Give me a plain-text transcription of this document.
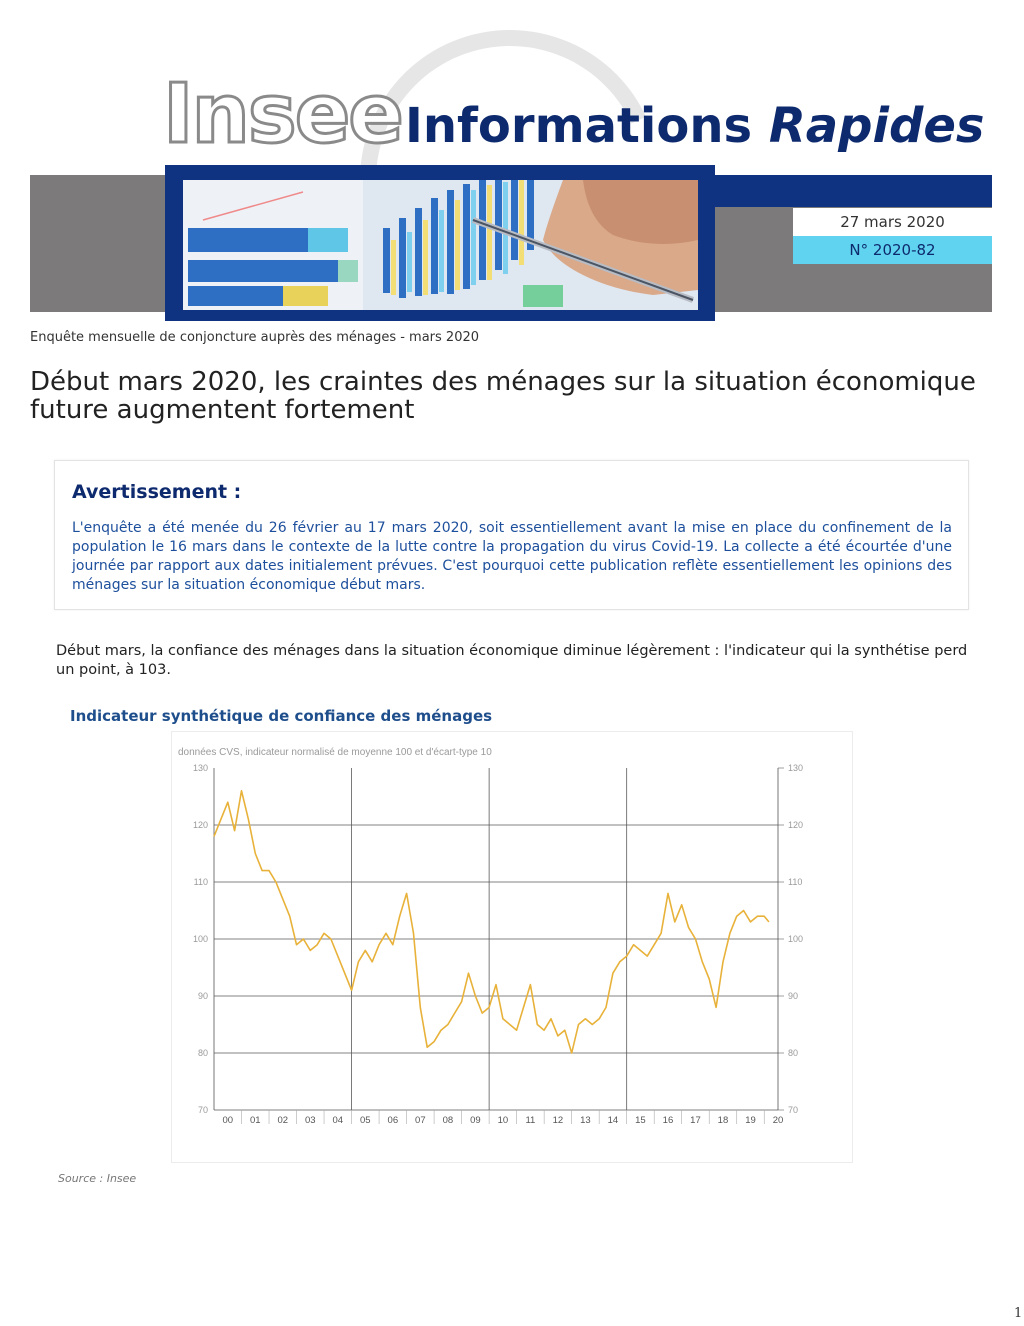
Insee Informations Rapides
27 mars 2020
N° 2020-82
Enquête mensuelle de conjoncture auprès des ménages - mars 2020
Début mars 2020, les craintes des ménages sur la situation économique future augmentent fortement
Avertissement :
L'enquête a été menée du 26 février au 17 mars 2020, soit essentiellement avant la mise en place du confinement de la population le 16 mars dans le contexte de la lutte contre la propagation du virus Covid-19. La collecte a été écourtée d'une journée par rapport aux dates initialement prévues. C'est pourquoi cette publication reflète essentiellement les opinions des ménages sur la situation économique début mars.
Début mars, la confiance des ménages dans la situation économique diminue légèrement : l'indicateur qui la synthétise perd un point, à 103.
Indicateur synthétique de confiance des ménages
données CVS, indicateur normalisé de moyenne 100 et d'écart-type 10
70	70
80	80
90	90
100	100
110	110
120	120
130	130
00 01 02 03 04 05 06 07 08 09 10 11 12 13 14 15 16 17 18 19 20
Source : Insee
1
